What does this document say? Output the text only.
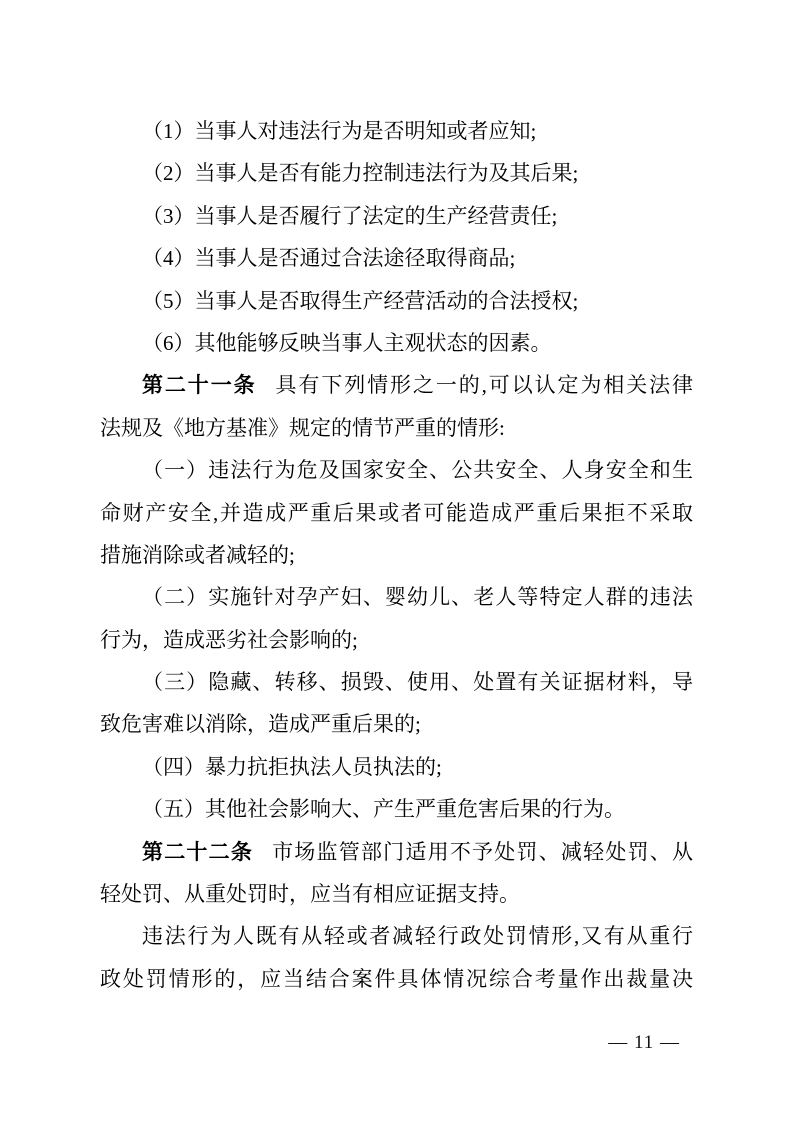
（1）当事人对违法行为是否明知或者应知;
（2）当事人是否有能力控制违法行为及其后果;
（3）当事人是否履行了法定的生产经营责任;
（4）当事人是否通过合法途径取得商品;
（5）当事人是否取得生产经营活动的合法授权;
（6）其他能够反映当事人主观状态的因素。
第二十一条 具有下列情形之一的,可以认定为相关法律
法规及《地方基准》规定的情节严重的情形:
（一）违法行为危及国家安全、公共安全、人身安全和生
命财产安全,并造成严重后果或者可能造成严重后果拒不采取
措施消除或者减轻的;
（二）实施针对孕产妇、婴幼儿、老人等特定人群的违法
行为，造成恶劣社会影响的;
（三）隐藏、转移、损毁、使用、处置有关证据材料，导
致危害难以消除，造成严重后果的;
（四）暴力抗拒执法人员执法的;
（五）其他社会影响大、产生严重危害后果的行为。
第二十二条 市场监管部门适用不予处罚、减轻处罚、从
轻处罚、从重处罚时，应当有相应证据支持。
违法行为人既有从轻或者减轻行政处罚情形,又有从重行
政处罚情形的，应当结合案件具体情况综合考量作出裁量决
— 11 —
